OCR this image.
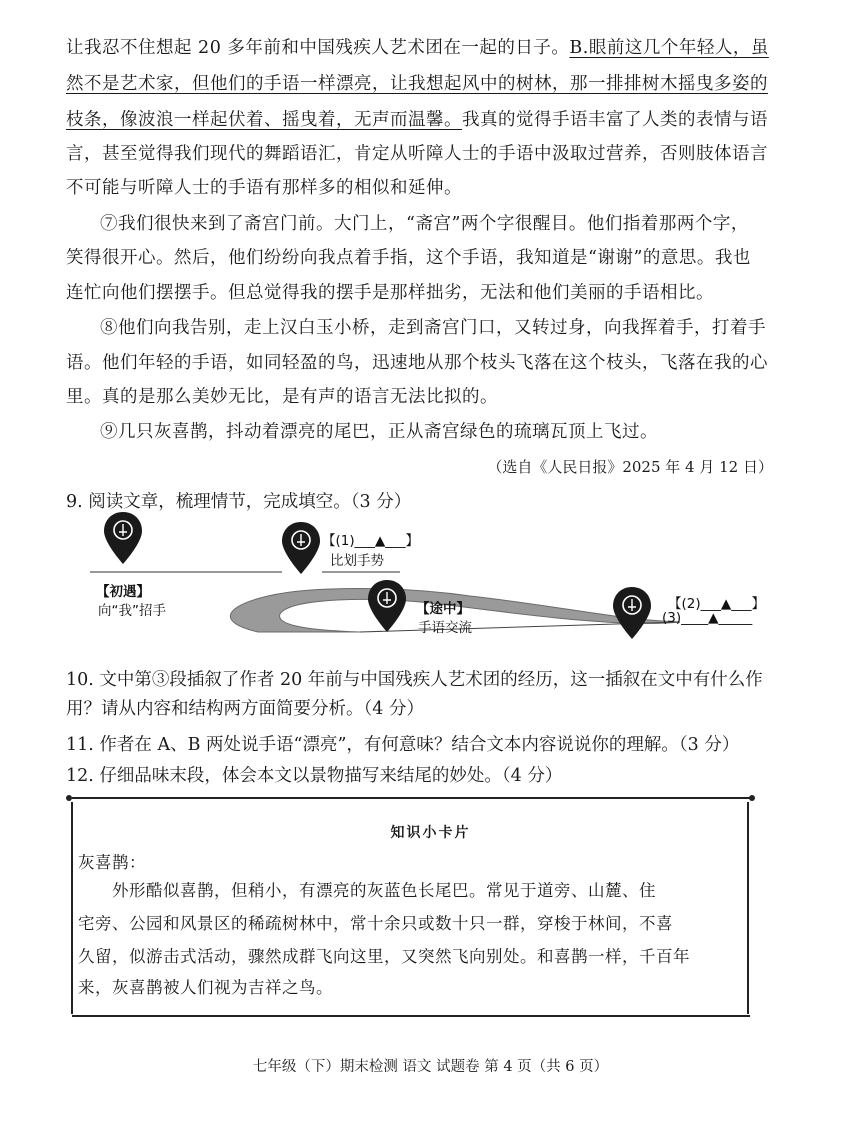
让我忍不住想起 20 多年前和中国残疾人艺术团在一起的日子。B.眼前这几个年轻人，虽
然不是艺术家，但他们的手语一样漂亮，让我想起风中的树林，那一排排树木摇曳多姿的
枝条，像波浪一样起伏着、摇曳着，无声而温馨。我真的觉得手语丰富了人类的表情与语
言，甚至觉得我们现代的舞蹈语汇，肯定从听障人士的手语中汲取过营养，否则肢体语言
不可能与听障人士的手语有那样多的相似和延伸。
⑦我们很快来到了斋宫门前。大门上，“斋宫”两个字很醒目。他们指着那两个字，
笑得很开心。然后，他们纷纷向我点着手指，这个手语，我知道是“谢谢”的意思。我也
连忙向他们摆摆手。但总觉得我的摆手是那样拙劣，无法和他们美丽的手语相比。
⑧他们向我告别，走上汉白玉小桥，走到斋宫门口，又转过身，向我挥着手，打着手
语。他们年轻的手语，如同轻盈的鸟，迅速地从那个枝头飞落在这个枝头，飞落在我的心
里。真的是那么美妙无比，是有声的语言无法比拟的。
⑨几只灰喜鹊，抖动着漂亮的尾巴，正从斋宫绿色的琉璃瓦顶上飞过。
（选自《人民日报》2025 年 4 月 12 日）
9. 阅读文章，梳理情节，完成填空。（3 分）
【初遇】
向“我”招手
【(1)___▲___】
比划手势
【途中】
手语交流
【(2)___▲___】
(3)____▲_____
10. 文中第③段插叙了作者 20 年前与中国残疾人艺术团的经历，这一插叙在文中有什么作
用？请从内容和结构两方面简要分析。（4 分）
11. 作者在 A、B 两处说手语“漂亮”，有何意味？结合文本内容说说你的理解。（3 分）
12. 仔细品味末段，体会本文以景物描写来结尾的妙处。（4 分）
知识小卡片
灰喜鹊：
外形酷似喜鹊，但稍小，有漂亮的灰蓝色长尾巴。常见于道旁、山麓、住
宅旁、公园和风景区的稀疏树林中，常十余只或数十只一群，穿梭于林间，不喜
久留，似游击式活动，骤然成群飞向这里，又突然飞向别处。和喜鹊一样，千百年
来，灰喜鹊被人们视为吉祥之鸟。
七年级（下）期末检测 语文 试题卷 第 4 页（共 6 页）
